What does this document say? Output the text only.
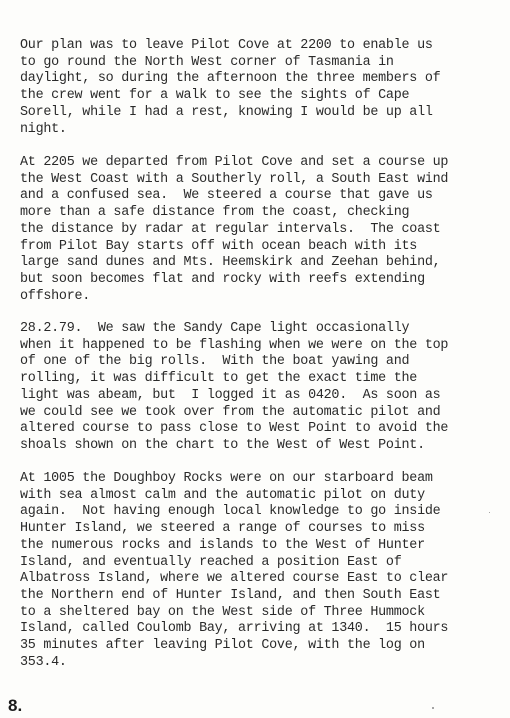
Our plan was to leave Pilot Cove at 2200 to enable us
to go round the North West corner of Tasmania in
daylight, so during the afternoon the three members of
the crew went for a walk to see the sights of Cape
Sorell, while I had a rest, knowing I would be up all
night.
At 2205 we departed from Pilot Cove and set a course up
the West Coast with a Southerly roll, a South East wind
and a confused sea.  We steered a course that gave us
more than a safe distance from the coast, checking
the distance by radar at regular intervals.  The coast
from Pilot Bay starts off with ocean beach with its
large sand dunes and Mts. Heemskirk and Zeehan behind,
but soon becomes flat and rocky with reefs extending
offshore.
28.2.79.  We saw the Sandy Cape light occasionally
when it happened to be flashing when we were on the top
of one of the big rolls.  With the boat yawing and
rolling, it was difficult to get the exact time the
light was abeam, but  I logged it as 0420.  As soon as
we could see we took over from the automatic pilot and
altered course to pass close to West Point to avoid the
shoals shown on the chart to the West of West Point.
At 1005 the Doughboy Rocks were on our starboard beam
with sea almost calm and the automatic pilot on duty
again.  Not having enough local knowledge to go inside
Hunter Island, we steered a range of courses to miss
the numerous rocks and islands to the West of Hunter
Island, and eventually reached a position East of
Albatross Island, where we altered course East to clear
the Northern end of Hunter Island, and then South East
to a sheltered bay on the West side of Three Hummock
Island, called Coulomb Bay, arriving at 1340.  15 hours
35 minutes after leaving Pilot Cove, with the log on
353.4.
8.
